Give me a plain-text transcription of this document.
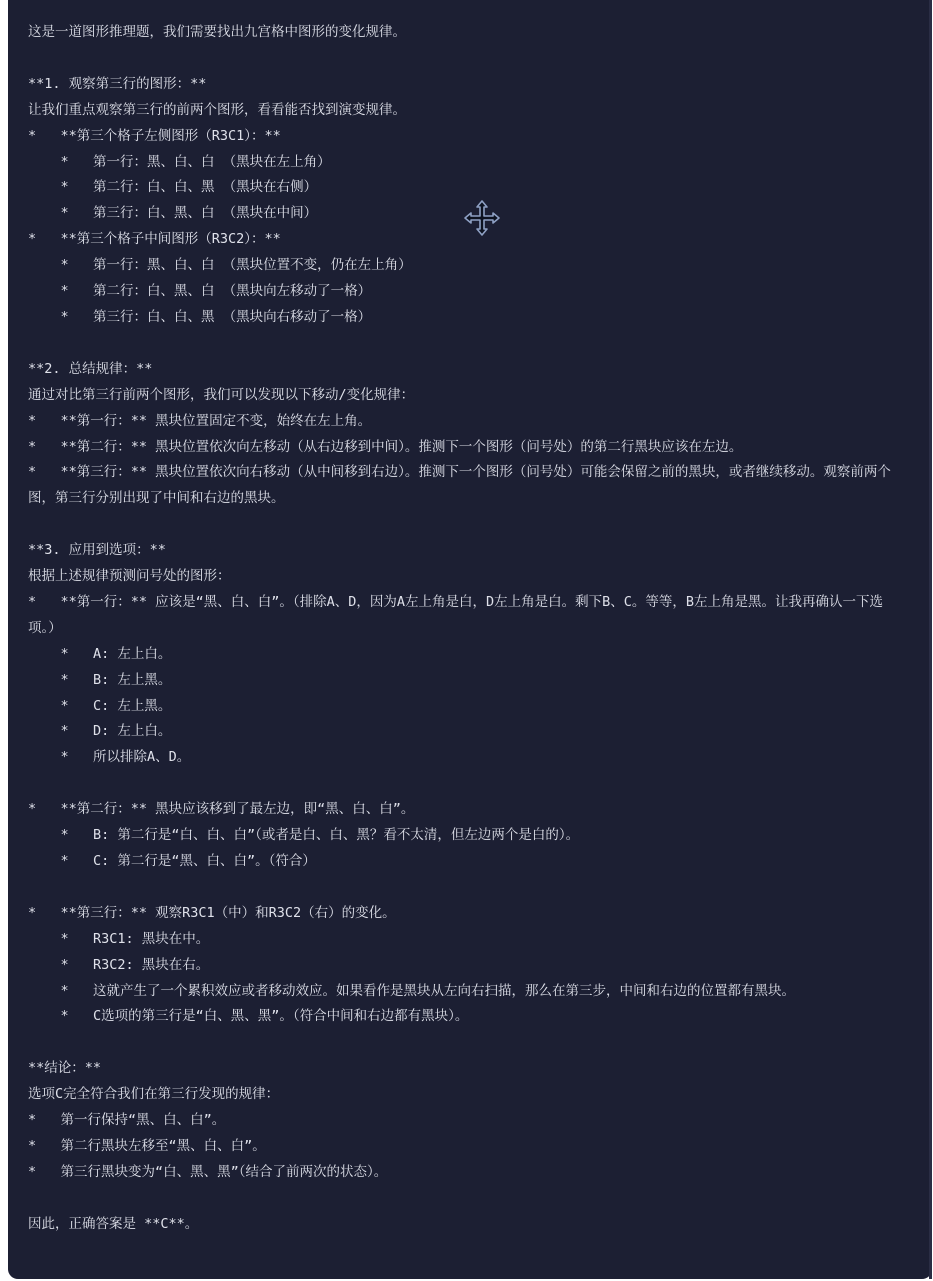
这是一道图形推理题，我们需要找出九宫格中图形的变化规律。

**1. 观察第三行的图形：**
让我们重点观察第三行的前两个图形，看看能否找到演变规律。
*   **第三个格子左侧图形（R3C1）：**
*   第一行：黑、白、白 （黑块在左上角）
*   第二行：白、白、黑 （黑块在右侧）
*   第三行：白、黑、白 （黑块在中间）
*   **第三个格子中间图形（R3C2）：**
*   第一行：黑、白、白 （黑块位置不变，仍在左上角）
*   第二行：白、黑、白 （黑块向左移动了一格）
*   第三行：白、白、黑 （黑块向右移动了一格）

**2. 总结规律：**
通过对比第三行前两个图形，我们可以发现以下移动/变化规律：
*   **第一行：** 黑块位置固定不变，始终在左上角。
*   **第二行：** 黑块位置依次向左移动（从右边移到中间）。推测下一个图形（问号处）的第二行黑块应该在左边。
*   **第三行：** 黑块位置依次向右移动（从中间移到右边）。推测下一个图形（问号处）可能会保留之前的黑块，或者继续移动。观察前两个图，第三行分别出现了中间和右边的黑块。

**3. 应用到选项：**
根据上述规律预测问号处的图形：
*   **第一行：** 应该是“黑、白、白”。（排除A、D，因为A左上角是白，D左上角是白。剩下B、C。等等，B左上角是黑。让我再确认一下选项。）
*   A: 左上白。
*   B: 左上黑。
*   C: 左上黑。
*   D: 左上白。
*   所以排除A、D。

*   **第二行：** 黑块应该移到了最左边，即“黑、白、白”。
*   B: 第二行是“白、白、白”（或者是白、白、黑？看不太清，但左边两个是白的）。
*   C: 第二行是“黑、白、白”。（符合）

*   **第三行：** 观察R3C1（中）和R3C2（右）的变化。
*   R3C1: 黑块在中。
*   R3C2: 黑块在右。
*   这就产生了一个累积效应或者移动效应。如果看作是黑块从左向右扫描，那么在第三步，中间和右边的位置都有黑块。
*   C选项的第三行是“白、黑、黑”。（符合中间和右边都有黑块）。

**结论：**
选项C完全符合我们在第三行发现的规律：
*   第一行保持“黑、白、白”。
*   第二行黑块左移至“黑、白、白”。
*   第三行黑块变为“白、黑、黑”（结合了前两次的状态）。

因此，正确答案是 **C**。
